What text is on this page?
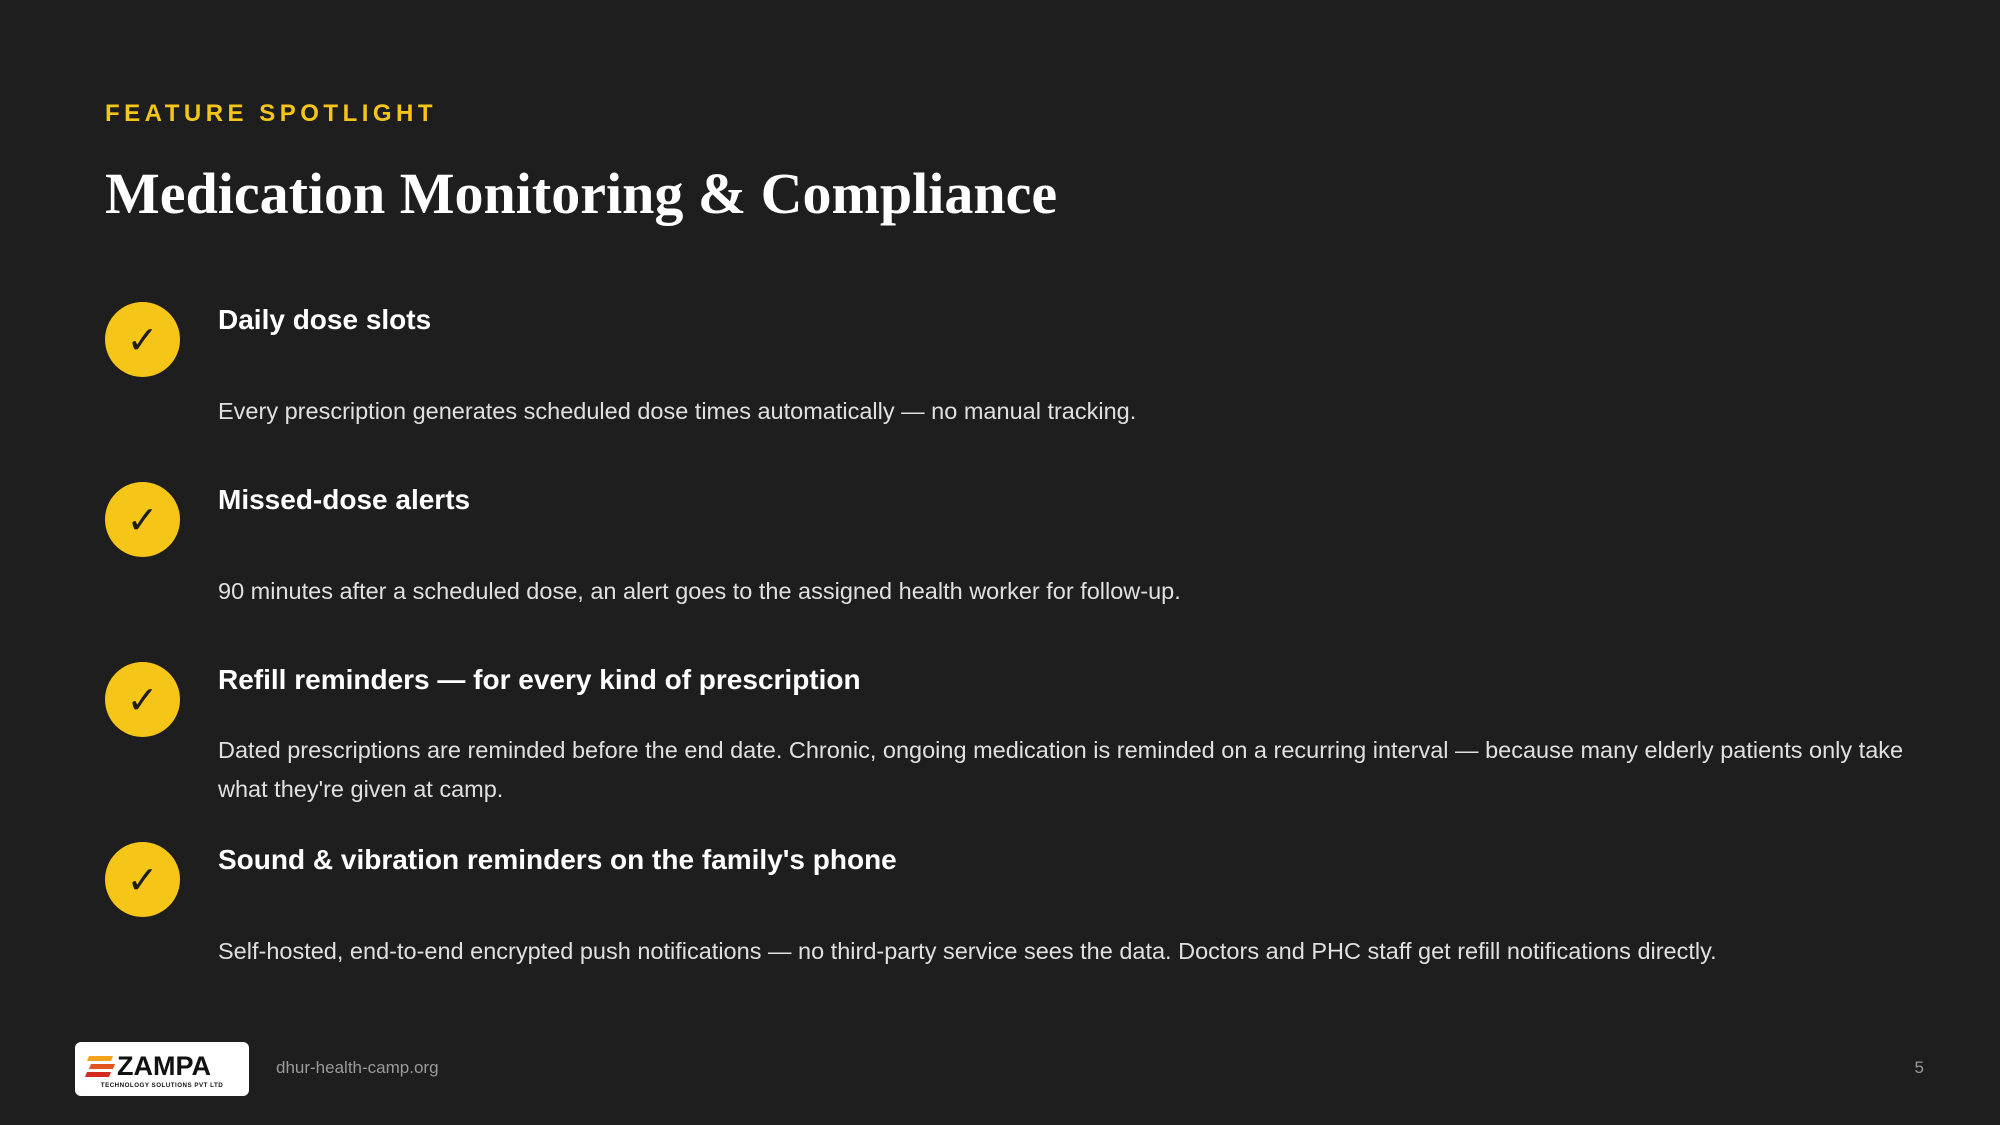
FEATURE SPOTLIGHT
Medication Monitoring & Compliance
✓	Daily dose slots
Every prescription generates scheduled dose times automatically — no manual tracking.
✓	Missed-dose alerts
90 minutes after a scheduled dose, an alert goes to the assigned health worker for follow-up.
✓	Refill reminders — for every kind of prescription
Dated prescriptions are reminded before the end date. Chronic, ongoing medication is reminded on a recurring interval — because many elderly patients only take what they're given at camp.
✓	Sound & vibration reminders on the family's phone
Self-hosted, end-to-end encrypted push notifications — no third-party service sees the data. Doctors and PHC staff get refill notifications directly.
ZAMPA
TECHNOLOGY SOLUTIONS PVT LTD
dhur-health-camp.org	5
